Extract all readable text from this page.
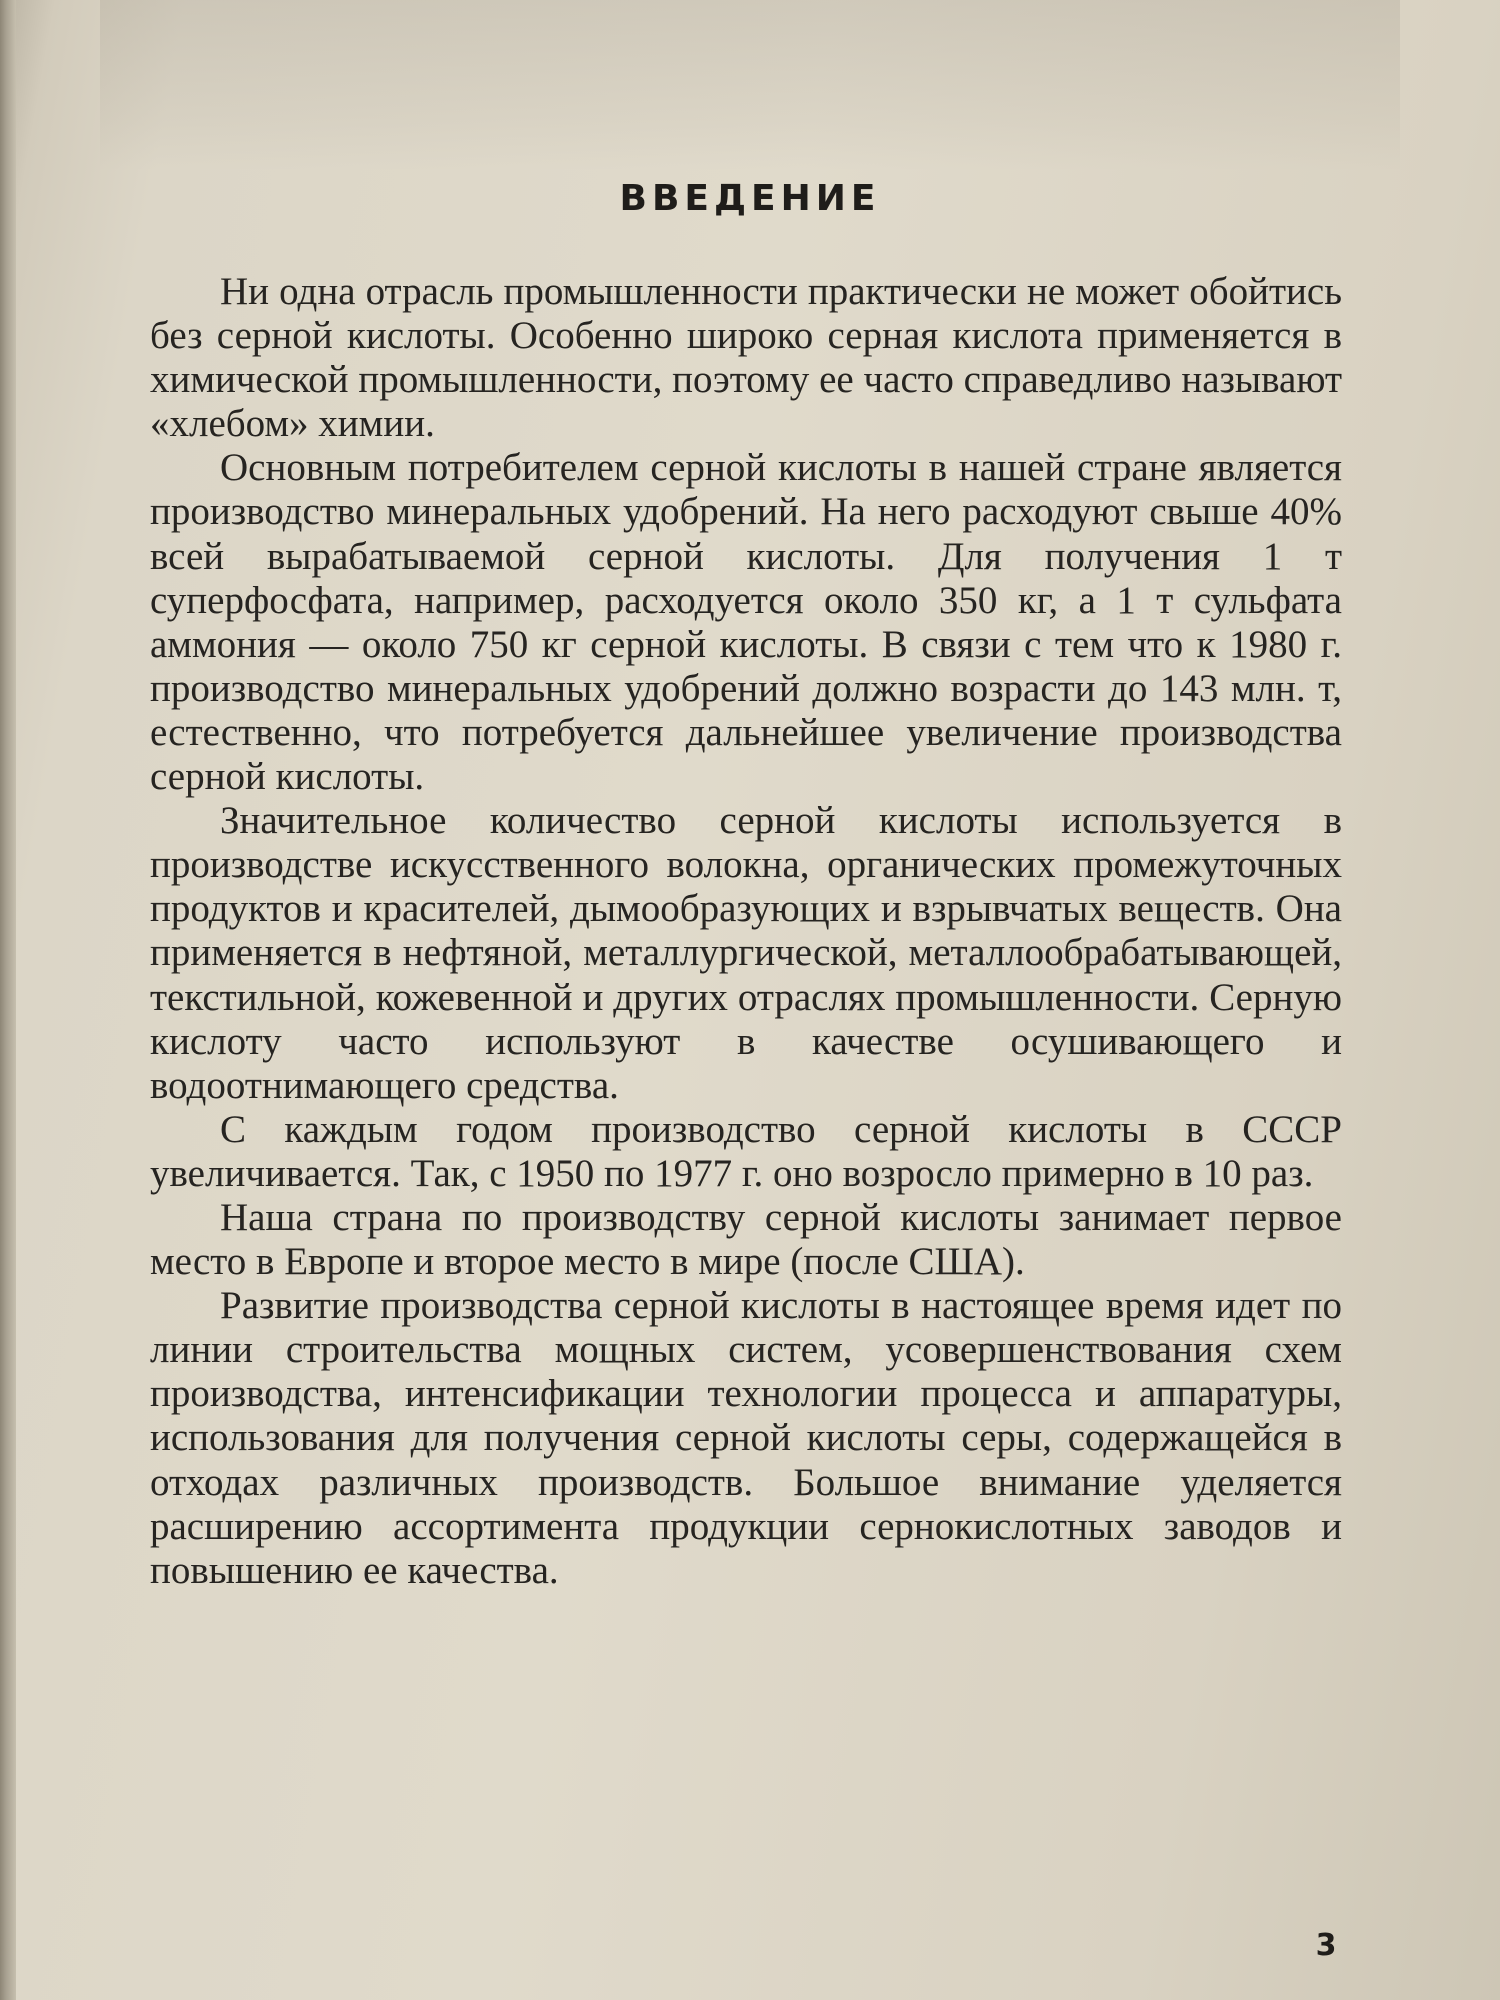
ВВЕДЕНИЕ

Ни одна отрасль промышленности практически не может обойтись без серной кислоты. Особенно широко серная кислота применяется в химической промышленности, поэтому ее часто справедливо называют «хлебом» химии.

Основным потребителем серной кислоты в нашей стране является производство минеральных удобрений. На него расходуют свыше 40% всей вырабатываемой серной кислоты. Для получения 1 т суперфосфата, например, расходуется около 350 кг, а 1 т сульфата аммония — около 750 кг серной кислоты. В связи с тем что к 1980 г. производство минеральных удобрений должно возрасти до 143 млн. т, естественно, что потребуется дальнейшее увеличение производства серной кислоты.

Значительное количество серной кислоты используется в производстве искусственного волокна, органических промежуточных продуктов и красителей, дымообразующих и взрывчатых веществ. Она применяется в нефтяной, металлургической, металлообрабатывающей, текстильной, кожевенной и других отраслях промышленности. Серную кислоту часто используют в качестве осушивающего и водоотнимающего средства.

С каждым годом производство серной кислоты в СССР увеличивается. Так, с 1950 по 1977 г. оно возросло примерно в 10 раз.

Наша страна по производству серной кислоты занимает первое место в Европе и второе место в мире (после США).

Развитие производства серной кислоты в настоящее время идет по линии строительства мощных систем, усовершенствования схем производства, интенсификации технологии процесса и аппаратуры, использования для получения серной кислоты серы, содержащейся в отходах различных производств. Большое внимание уделяется расширению ассортимента продукции сернокислотных заводов и повышению ее качества.

3
